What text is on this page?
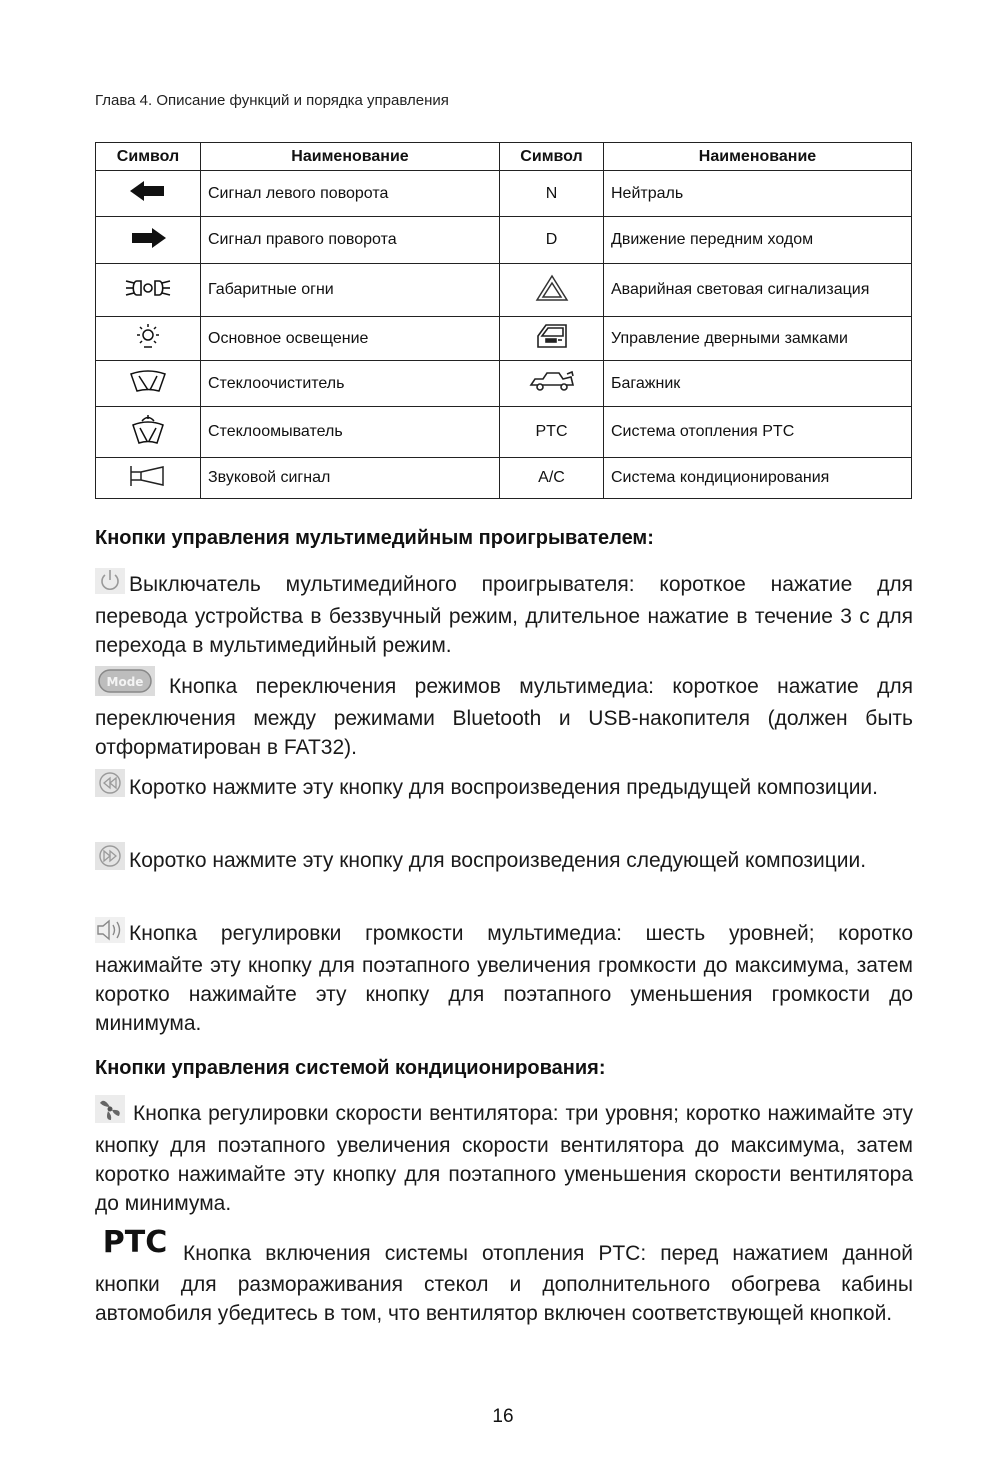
Глава 4. Описание функций и порядка управления
Символ	Наименование	Символ	Наименование
	Сигнал левого поворота	N	Нейтраль
	Сигнал правого поворота	D	Движение передним ходом
	Габаритные огни		Аварийная световая сигнализация
	Основное освещение		Управление дверными замками
	Стеклоочиститель		Багажник
	Стеклоомыватель	PTC	Система отопления PTC
	Звуковой сигнал	A/C	Система кондиционирования
Кнопки управления мультимедийным проигрывателем:
Выключатель мультимедийного проигрывателя: короткое нажатие для перевода устройства в беззвучный режим, длительное нажатие в течение 3 с для перехода в мультимедийный режим.
Mode Кнопка переключения режимов мультимедиа: короткое нажатие для переключения между режимами Bluetooth и USB-накопителя (должен быть отформатирован в FAT32).
Коротко нажмите эту кнопку для воспроизведения предыдущей композиции.
Коротко нажмите эту кнопку для воспроизведения следующей композиции.
Кнопка регулировки громкости мультимедиа: шесть уровней; коротко нажимайте эту кнопку для поэтапного увеличения громкости до максимума, затем коротко нажимайте эту кнопку для поэтапного уменьшения громкости до минимума.
Кнопки управления системой кондиционирования:
Кнопка регулировки скорости вентилятора: три уровня; коротко нажимайте эту кнопку для поэтапного увеличения скорости вентилятора до максимума, затем коротко нажимайте эту кнопку для поэтапного уменьшения скорости вентилятора до минимума.
PTC Кнопка включения системы отопления PTC: перед нажатием данной кнопки для размораживания стекол и дополнительного обогрева кабины автомобиля убедитесь в том, что вентилятор включен соответствующей кнопкой.
16
